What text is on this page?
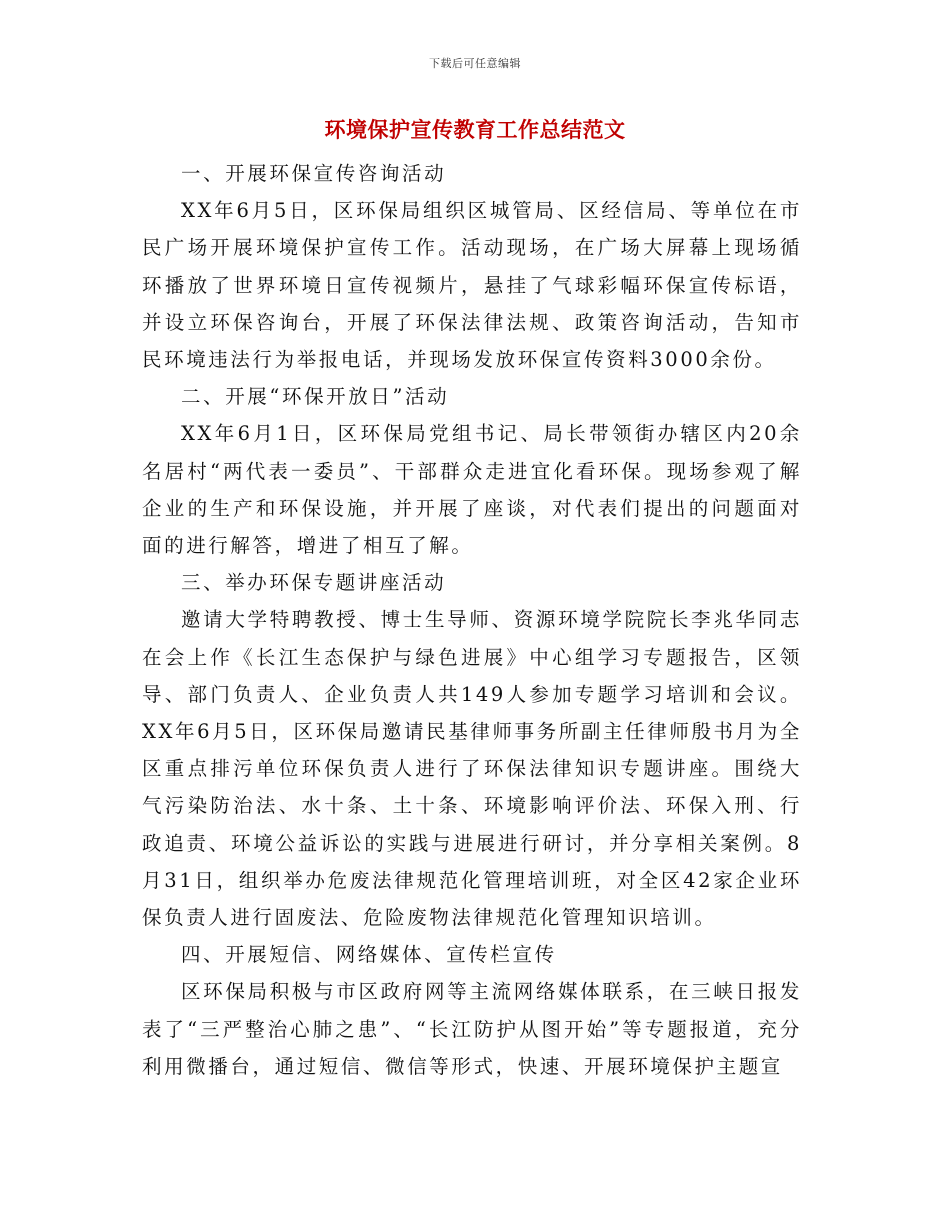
下载后可任意编辑
环境保护宣传教育工作总结范文

一、开展环保宣传咨询活动

XX年6月5日，区环保局组织区城管局、区经信局、等单位在市民广场开展环境保护宣传工作。活动现场，在广场大屏幕上现场循环播放了世界环境日宣传视频片，悬挂了气球彩幅环保宣传标语，并设立环保咨询台，开展了环保法律法规、政策咨询活动，告知市民环境违法行为举报电话，并现场发放环保宣传资料3000余份。

二、开展“环保开放日”活动

XX年6月1日，区环保局党组书记、局长带领街办辖区内20余名居村“两代表一委员”、干部群众走进宜化看环保。现场参观了解企业的生产和环保设施，并开展了座谈，对代表们提出的问题面对面的进行解答，增进了相互了解。

三、举办环保专题讲座活动

邀请大学特聘教授、博士生导师、资源环境学院院长李兆华同志在会上作《长江生态保护与绿色进展》中心组学习专题报告，区领导、部门负责人、企业负责人共149人参加专题学习培训和会议。XX年6月5日，区环保局邀请民基律师事务所副主任律师殷书月为全区重点排污单位环保负责人进行了环保法律知识专题讲座。围绕大气污染防治法、水十条、土十条、环境影响评价法、环保入刑、行政追责、环境公益诉讼的实践与进展进行研讨，并分享相关案例。8月31日，组织举办危废法律规范化管理培训班，对全区42家企业环保负责人进行固废法、危险废物法律规范化管理知识培训。

四、开展短信、网络媒体、宣传栏宣传

区环保局积极与市区政府网等主流网络媒体联系，在三峡日报发表了“三严整治心肺之患”、“长江防护从图开始”等专题报道，充分利用微播台，通过短信、微信等形式，快速、开展环境保护主题宣
